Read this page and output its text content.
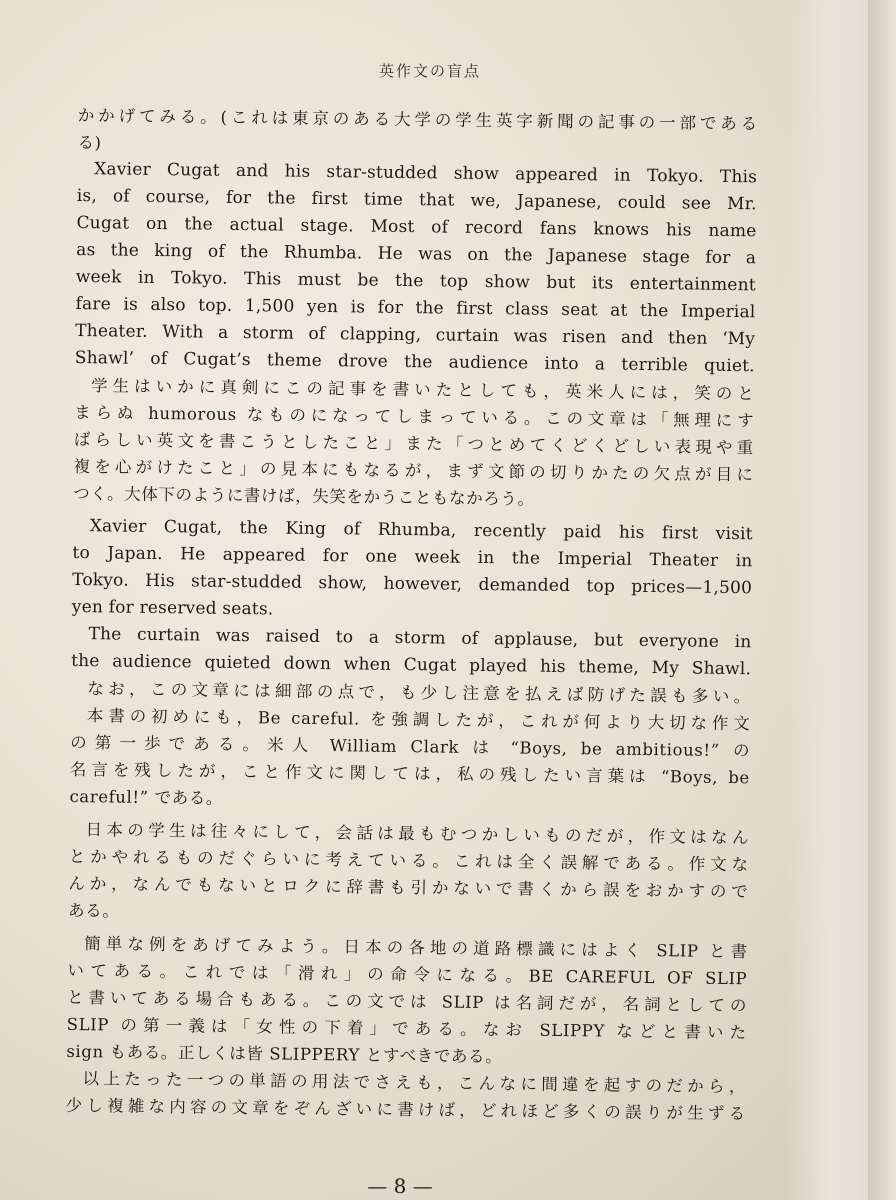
英作文の盲点
かかげてみる。(これは東京のある大学の学生英字新聞の記事の一部である
る)
Xavier Cugat and his star-studded show appeared in Tokyo. This
is, of course, for the first time that we, Japanese, could see Mr.
Cugat on the actual stage. Most of record fans knows his name
as the king of the Rhumba. He was on the Japanese stage for a
week in Tokyo. This must be the top show but its entertainment
fare is also top. 1,500 yen is for the first class seat at the Imperial
Theater. With a storm of clapping, curtain was risen and then ‘My
Shawl’ of Cugat’s theme drove the audience into a terrible quiet.
学生はいかに真剣にこの記事を書いたとしても，英米人には，笑のと
まらぬ humorous なものになってしまっている。この文章は「無理にす
ばらしい英文を書こうとしたこと」また「つとめてくどくどしい表現や重
複を心がけたこと」の見本にもなるが，まず文節の切りかたの欠点が目に
つく。大体下のように書けば，失笑をかうこともなかろう。
Xavier Cugat, the King of Rhumba, recently paid his first visit
to Japan. He appeared for one week in the Imperial Theater in
Tokyo. His star-studded show, however, demanded top prices—1,500
yen for reserved seats.
The curtain was raised to a storm of applause, but everyone in
the audience quieted down when Cugat played his theme, My Shawl.
なお，この文章には細部の点で，も少し注意を払えば防げた誤も多い。
本書の初めにも，Be careful. を強調したが，これが何より大切な作文
の第一歩である。米人 William Clark は “Boys, be ambitious!” の
名言を残したが，こと作文に関しては，私の残したい言葉は “Boys, be
careful!” である。
日本の学生は往々にして，会話は最もむつかしいものだが，作文はなん
とかやれるものだぐらいに考えている。これは全く誤解である。作文な
んか，なんでもないとロクに辞書も引かないで書くから誤をおかすので
ある。
簡単な例をあげてみよう。日本の各地の道路標識にはよく SLIP と書
いてある。これでは「滑れ」の命令になる。BE CAREFUL OF SLIP
と書いてある場合もある。この文では SLIP は名詞だが，名詞としての
SLIP の第一義は「女性の下着」である。なお SLIPPY などと書いた
sign もある。正しくは皆 SLIPPERY とすべきである。
以上たった一つの単語の用法でさえも，こんなに間違を起すのだから，
少し複雑な内容の文章をぞんざいに書けば，どれほど多くの誤りが生ずる
— 8 —
